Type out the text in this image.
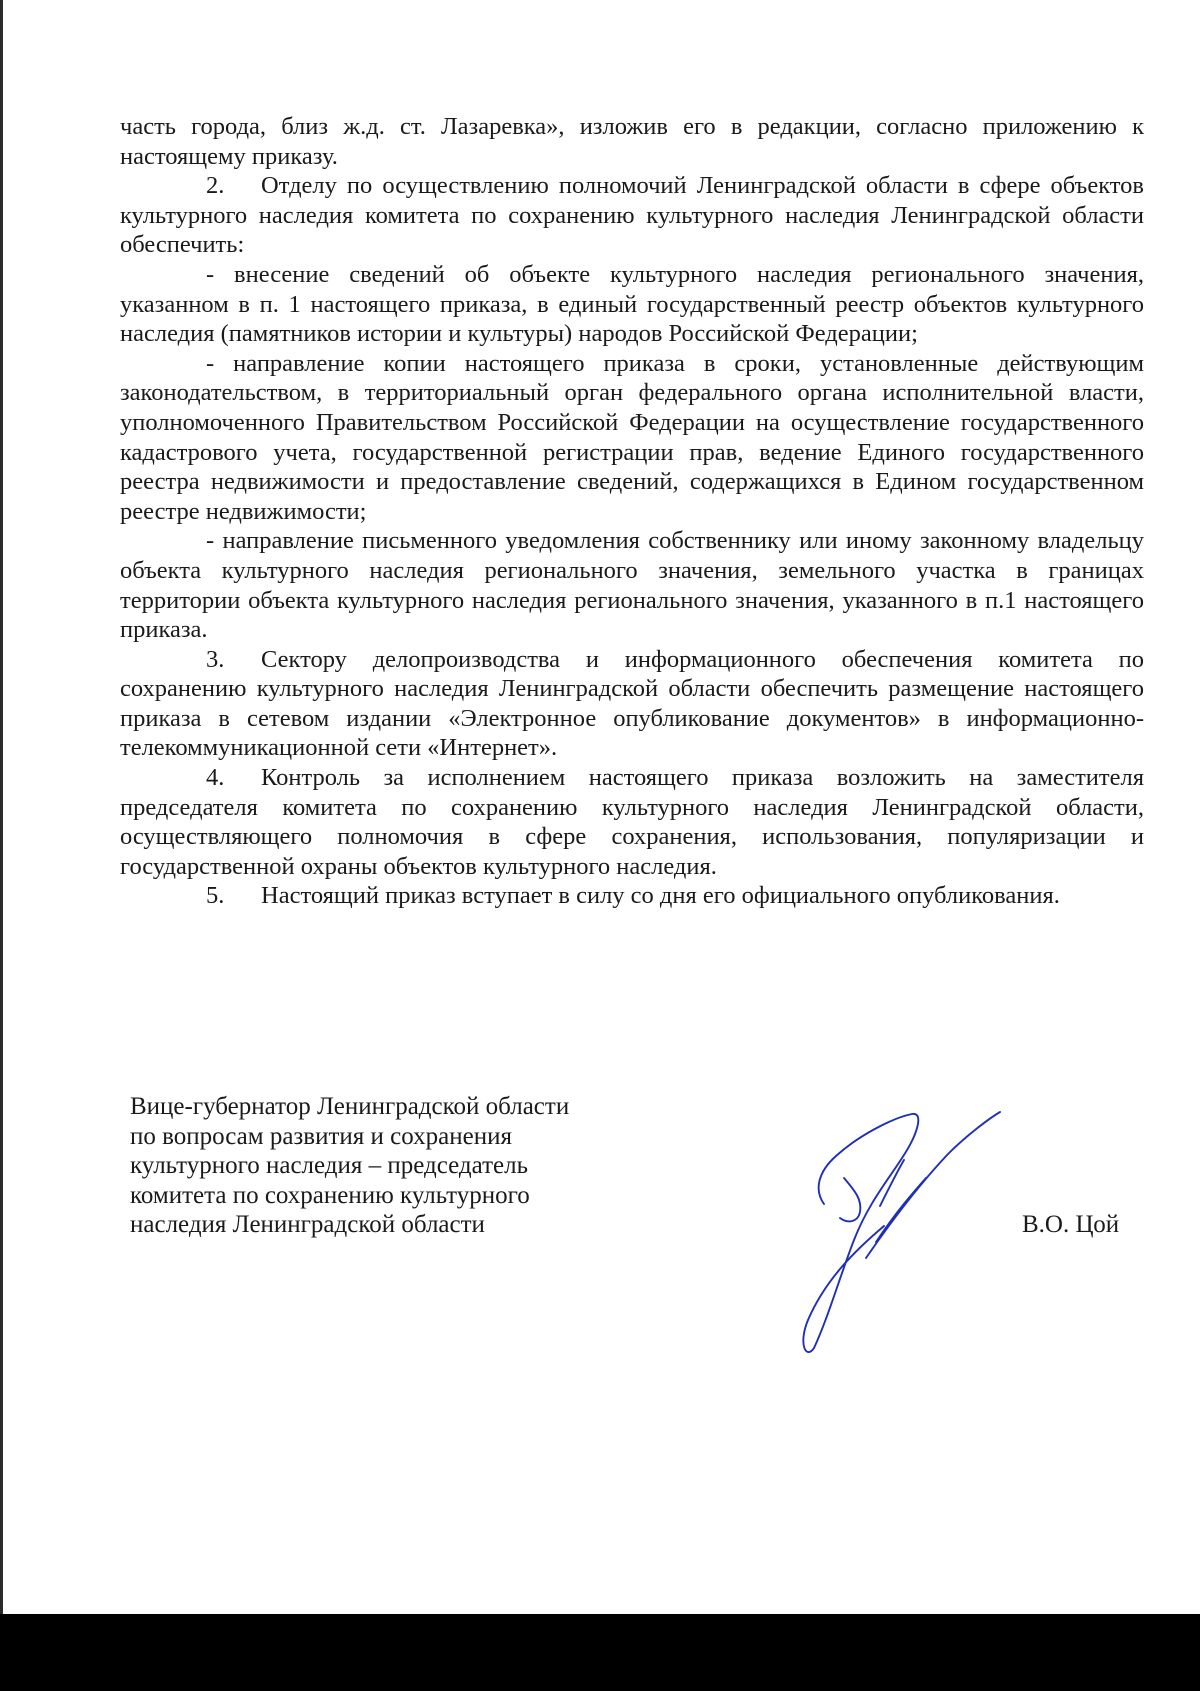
часть города, близ ж.д. ст. Лазаревка», изложив его в редакции, согласно приложению к настоящему приказу.

2. Отделу по осуществлению полномочий Ленинградской области в сфере объектов культурного наследия комитета по сохранению культурного наследия Ленинградской области обеспечить:

- внесение сведений об объекте культурного наследия регионального значения, указанном в п. 1 настоящего приказа, в единый государственный реестр объектов культурного наследия (памятников истории и культуры) народов Российской Федерации;

- направление копии настоящего приказа в сроки, установленные действующим законодательством, в территориальный орган федерального органа исполнительной власти, уполномоченного Правительством Российской Федерации на осуществление государственного кадастрового учета, государственной регистрации прав, ведение Единого государственного реестра недвижимости и предоставление сведений, содержащихся в Едином государственном реестре недвижимости;

- направление письменного уведомления собственнику или иному законному владельцу объекта культурного наследия регионального значения, земельного участка в границах территории объекта культурного наследия регионального значения, указанного в п.1 настоящего приказа.

3. Сектору делопроизводства и информационного обеспечения комитета по сохранению культурного наследия Ленинградской области обеспечить размещение настоящего приказа в сетевом издании «Электронное опубликование документов» в информационно-телекоммуникационной сети «Интернет».

4. Контроль за исполнением настоящего приказа возложить на заместителя председателя комитета по сохранению культурного наследия Ленинградской области, осуществляющего полномочия в сфере сохранения, использования, популяризации и государственной охраны объектов культурного наследия.

5. Настоящий приказ вступает в силу со дня его официального опубликования.

Вице-губернатор Ленинградской области
по вопросам развития и сохранения
культурного наследия – председатель
комитета по сохранению культурного
наследия Ленинградской области	В.О. Цой
